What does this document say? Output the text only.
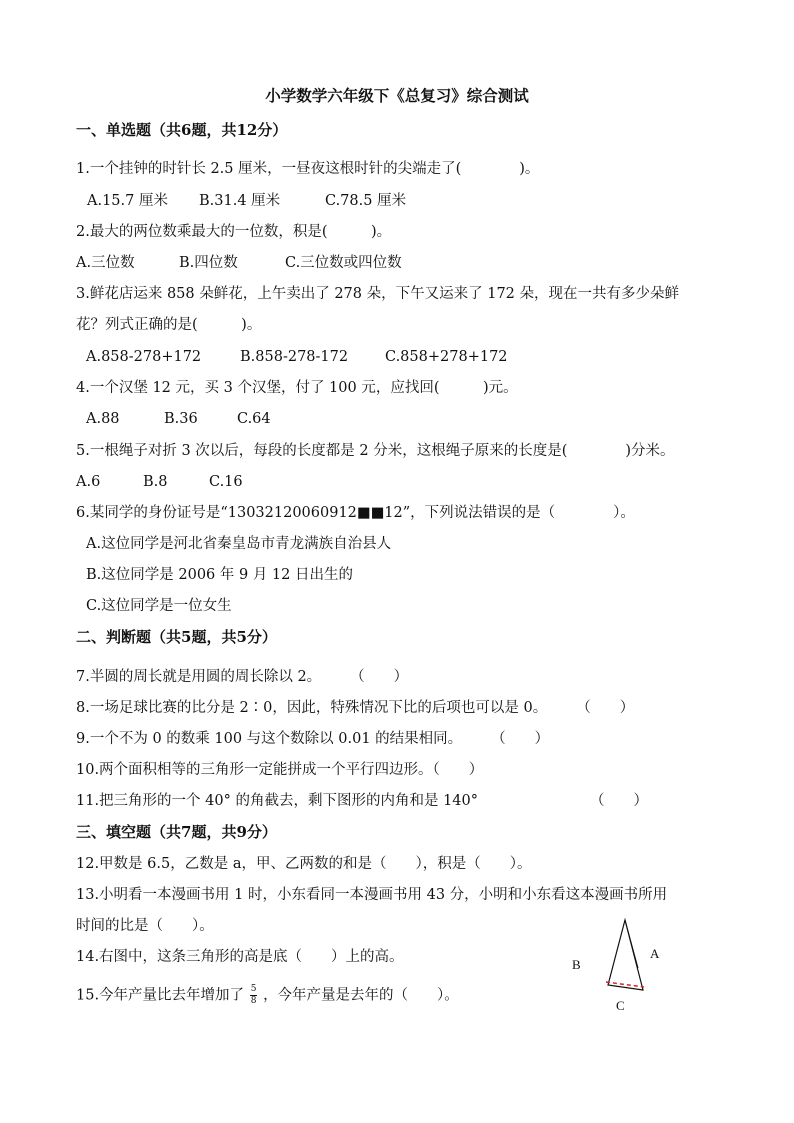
小学数学六年级下《总复习》综合测试
一、单选题（共6题，共12分）
1.一个挂钟的时针长 2.5 厘米，一昼夜这根时针的尖端走了(　　　　)。
A.15.7 厘米 B.31.4 厘米	C.78.5 厘米
2.最大的两位数乘最大的一位数，积是(　　　)。
A.三位数	B.四位数	C.三位数或四位数
3.鲜花店运来 858 朵鲜花，上午卖出了 278 朵，下午又运来了 172 朵，现在一共有多少朵鲜
花？列式正确的是(　　　)。
A.858-278+172	B.858-278-172	C.858+278+172
4.一个汉堡 12 元，买 3 个汉堡，付了 100 元，应找回(　　　)元。
A.88	B.36	C.64
5.一根绳子对折 3 次以后，每段的长度都是 2 分米，这根绳子原来的长度是(　　　　)分米。
A.6	B.8	C.16
6.某同学的身份证号是“13032120060912■■12”，下列说法错误的是（　　　　）。
A.这位同学是河北省秦皇岛市青龙满族自治县人
B.这位同学是 2006 年 9 月 12 日出生的
C.这位同学是一位女生
二、判断题（共5题，共5分）
7.半圆的周长就是用圆的周长除以 2。　　　（　　）
8.一场足球比赛的比分是 2∶0，因此，特殊情况下比的后项也可以是 0。　　　（　　）
9.一个不为 0 的数乘 100 与这个数除以 0.01 的结果相同。　　　（　　）
10.两个面积相等的三角形一定能拼成一个平行四边形。（　　）
11.把三角形的一个 40° 的角截去，剩下图形的内角和是 140°	（　　）
三、填空题（共7题，共9分）
12.甲数是 6.5，乙数是 a，甲、乙两数的和是（　　），积是（　　）。
13.小明看一本漫画书用 1 时，小东看同一本漫画书用 43 分，小明和小东看这本漫画书所用
时间的比是（　　）。
14.右图中，这条三角形的高是底（　　）上的高。
15.今年产量比去年增加了 $\frac{5}{8}$ ，今年产量是去年的（　　）。
A
B
C
